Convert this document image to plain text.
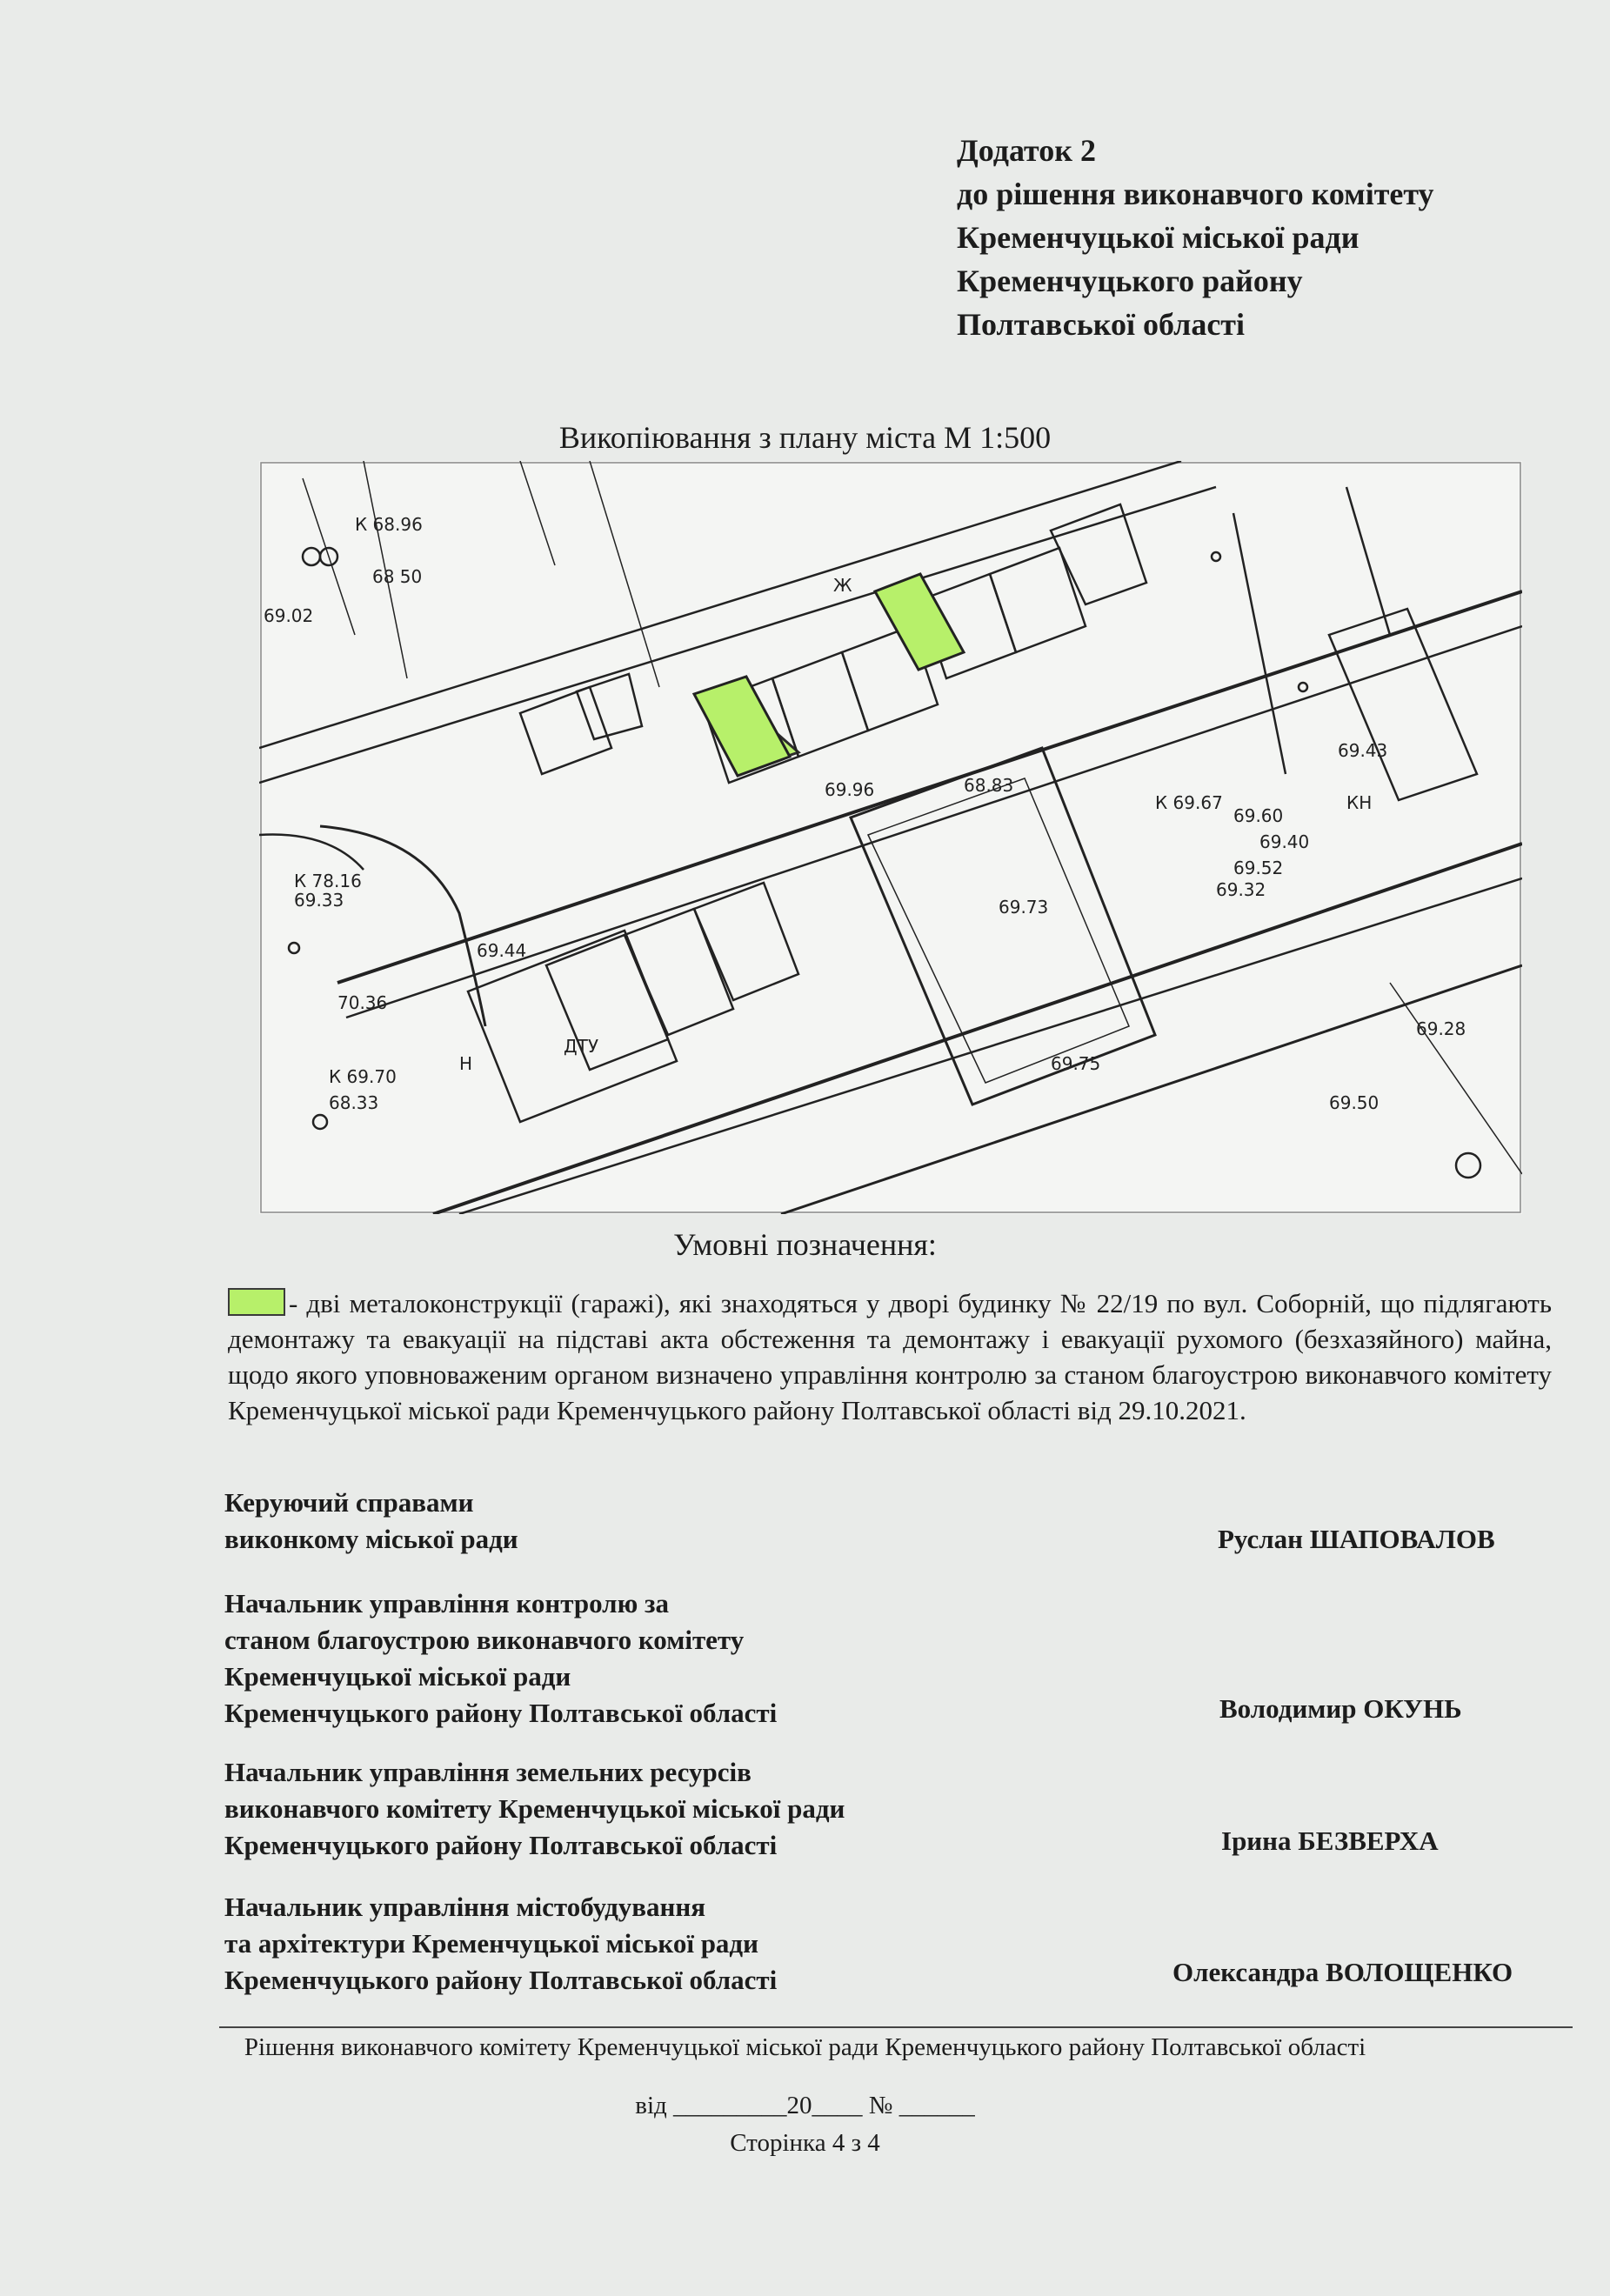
Додаток 2
до рішення виконавчого комітету
Кременчуцької міської ради
Кременчуцького району
Полтавської області
Викопіювання з плану міста М 1:500
К 68.96
68 50
69.02
69.43
К 69.67
69.60
69.40
69.52
69.32
69.28
69.50
69.73
69.75
69.96	68.83
К 69.70
68.33
70.36
69.44
К 78.16
69.33
Н
Ж
ДТУ
КН
Умовні позначення:
- дві металоконструкції (гаражі), які знаходяться у дворі будинку № 22/19 по вул. Соборній, що підлягають демонтажу та евакуації на підставі акта обстеження та демонтажу і евакуації рухомого (безхазяйного) майна, щодо якого уповноваженим органом визначено управління контролю за станом благоустрою виконавчого комітету Кременчуцької міської ради Кременчуцького району Полтавської області від 29.10.2021.
Керуючий справами
виконкому міської ради	Руслан ШАПОВАЛОВ
Начальник управління контролю за
станом благоустрою виконавчого комітету
Кременчуцької міської ради
Кременчуцького району Полтавської області	Володимир ОКУНЬ
Начальник управління земельних ресурсів
виконавчого комітету Кременчуцької міської ради
Кременчуцького району Полтавської області	Ірина БЕЗВЕРХА
Начальник управління містобудування
та архітектури Кременчуцької міської ради
Кременчуцького району Полтавської області	Олександра ВОЛОЩЕНКО
Рішення виконавчого комітету Кременчуцької міської ради Кременчуцького району Полтавської області
від _________20____ № ______
Сторінка 4 з 4
